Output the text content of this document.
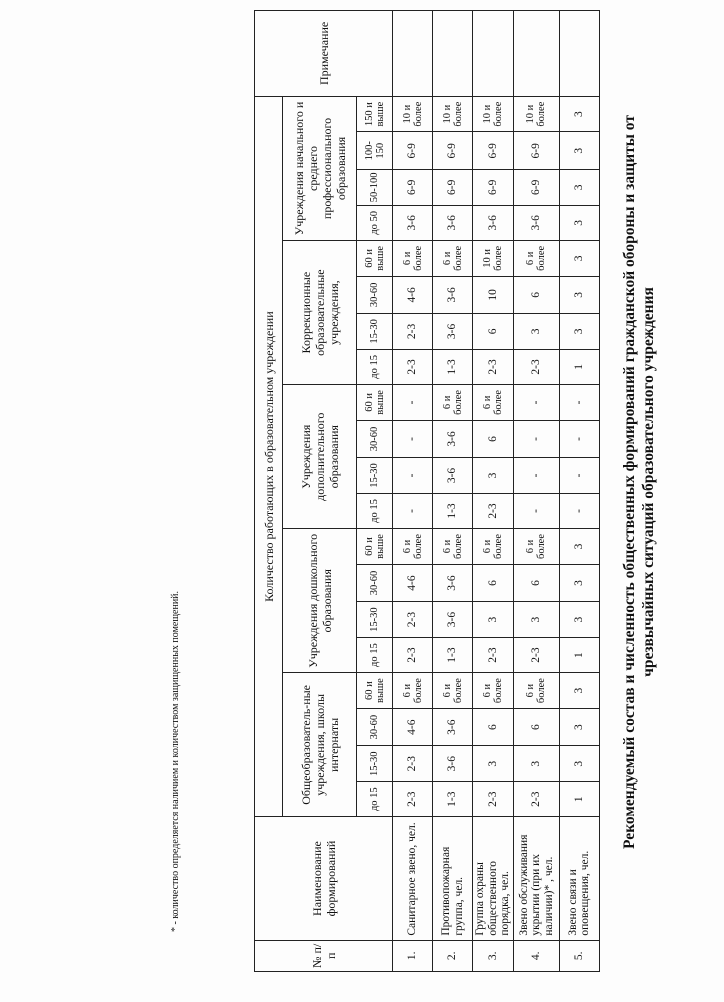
Рекомендуемый состав и численность общественных формирований гражданской обороны и защиты от чрезвычайных ситуаций образовательного учреждения
№ п/п	Наименование формирований	Количество работающих в образовательном учреждении																				Примечание
		Общеобразователь-ные учреждения, школы интернаты				Учреждения дошкольного образования				Учреждения дополнительного образования				Коррекционные образовательные учреждения,				Учреждения начального и среднего профессионального образования				
		до 15	15-30	30-60	60 и выше	до 15	15-30	30-60	60 и выше	до 15	15-30	30-60	60 и выше	до 15	15-30	30-60	60 и выше	до 50	50-100	100-150	150 и выше	
1.	Санитарное звено, чел.	2-3	2-3	4-6	6 и более	2-3	2-3	4-6	6 и более	-	-	-	-	2-3	2-3	4-6	6 и более	3-6	6-9	6-9	10 и более	
2.	Противопожарная группа, чел.	1-3	3-6	3-6	6 и более	1-3	3-6	3-6	6 и более	1-3	3-6	3-6	6 и более	1-3	3-6	3-6	6 и более	3-6	6-9	6-9	10 и более	
3.	Группа охраны общественного порядка, чел.	2-3	3	6	6 и более	2-3	3	6	6 и более	2-3	3	6	6 и более	2-3	6	10	10 и более	3-6	6-9	6-9	10 и более	
4.	Звено обслуживания укрытии (при их наличии)* , чел.	2-3	3	6	6 и более	2-3	3	6	6 и более	-	-	-	-	2-3	3	6	6 и более	3-6	6-9	6-9	10 и более	
5.	Звено связи и оповещения, чел.	1	3	3	3	1	3	3	3	-	-	-	-	1	3	3	3	3	3	3	3	
* - количество определяется наличием и количеством защищенных помещений.
